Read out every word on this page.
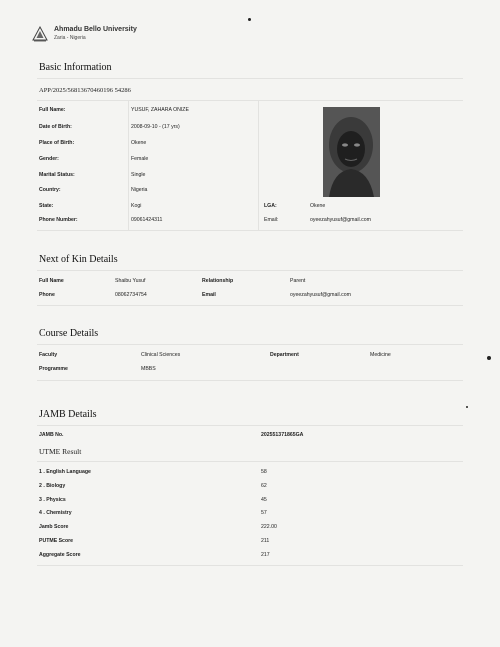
Ahmadu Bello University
Zaria - Nigeria
Basic Information
APP/2025/56813670460196 54286
Full Name:	YUSUF, ZAHARA ONIZE
Date of Birth:	2008-09-10 - (17 yrs)
Place of Birth:	Okene
Gender:	Female
Marital Status:	Single
Country:	Nigeria
State:	Kogi	LGA:	Okene
Phone Number:	09061424311	Email:	oyeezahyusuf@gmail.com
Next of Kin Details
Full Name	Shaibu Yusuf	Relationship	Parent
Phone	08062734754	Email	oyeezahyusuf@gmail.com
Course Details
Faculty	Clinical Sciences	Department	Medicine
Programme	MBBS
JAMB Details
JAMB No.	202551371865GA
UTME Result
1 . English Language	58
2 . Biology	62
3 . Physics	45
4 . Chemistry	57
Jamb Score	222.00
PUTME Score	211
Aggregate Score	217
